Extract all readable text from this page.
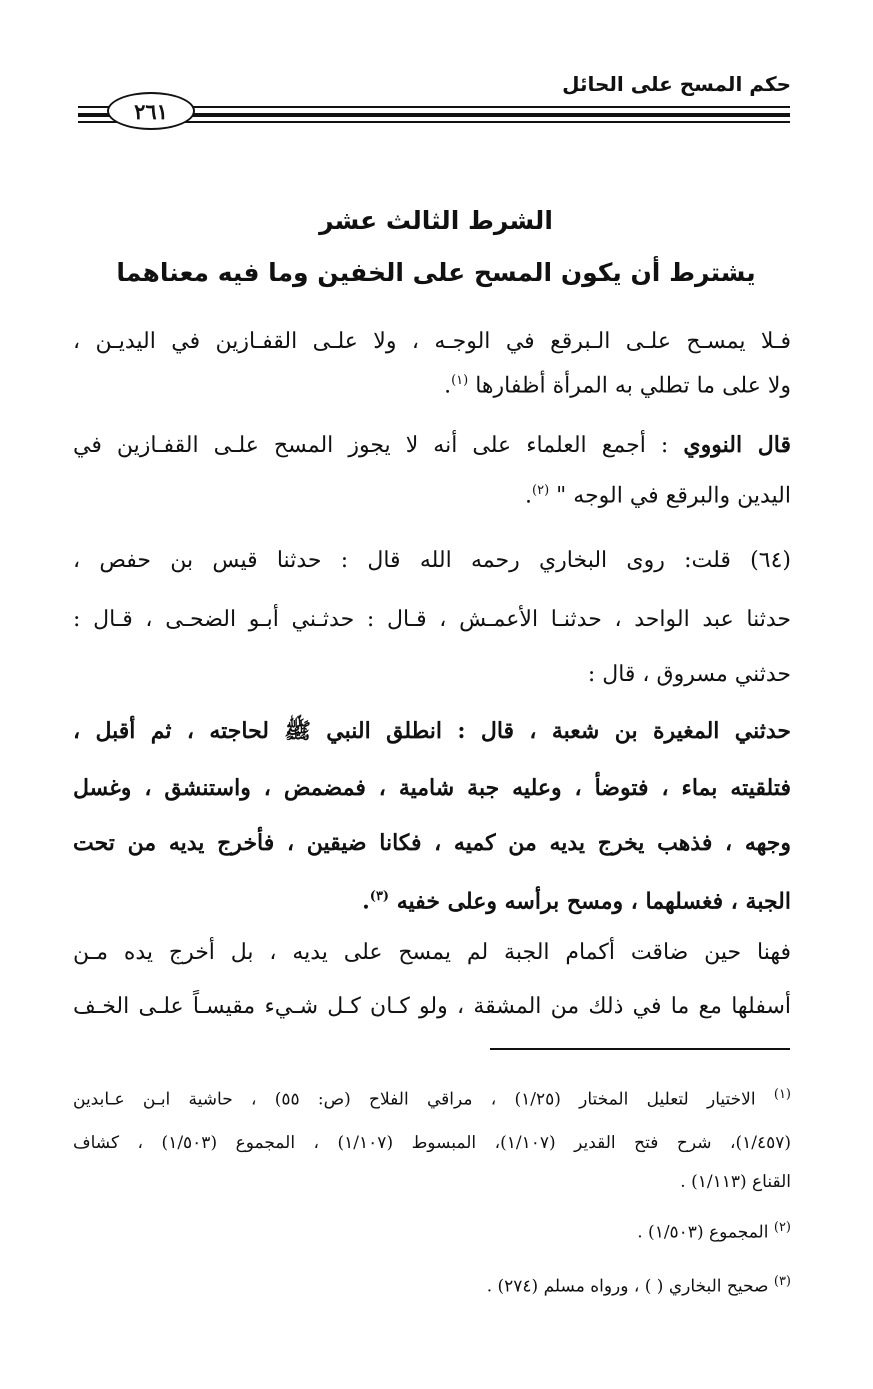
حكم المسح على الحائل
٢٦١
الشرط الثالث عشر
يشترط أن يكون المسح على الخفين وما فيه معناهما
فـلا يمسـح علـى الـبرقع في الوجـه ، ولا علـى القفـازين في اليديـن ،
ولا على ما تطلي به المرأة أظفارها $^{(١)}$.
قال النووي : أجمع العلماء على أنه لا يجوز المسح علـى القفـازين في
اليدين والبرقع في الوجه " $^{(٢)}$.
(٦٤) قلت: روى البخاري رحمه الله قال : حدثنا قيس بن حفص ،
حدثنا عبد الواحد ، حدثنـا الأعمـش ، قـال : حدثـني أبـو الضحـى ، قـال :
حدثني مسروق ، قال :
حدثني المغيرة بن شعبة ، قال : انطلق النبي ﷺ لحاجته ، ثم أقبل ،
فتلقيته بماء ، فتوضأ ، وعليه جبة شامية ، فمضمض ، واستنشق ، وغسل
وجهه ، فذهب يخرج يديه من كميه ، فكانا ضيقين ، فأخرج يديه من تحت
الجبة ، فغسلهما ، ومسح برأسه وعلى خفيه $^{(٣)}$.
فهنا حين ضاقت أكمام الجبة لم يمسح على يديه ، بل أخرج يده مـن
أسفلها مع ما في ذلك من المشقة ، ولو كـان كـل شـيء مقيسـاً علـى الخـف
$^{(١)}$ الاختيار لتعليل المختار (١/٢٥) ، مراقي الفلاح (ص: ٥٥) ، حاشية ابـن عـابدين
(١/٤٥٧)، شرح فتح القدير (١/١٠٧)، المبسوط (١/١٠٧) ، المجموع (١/٥٠٣) ، كشاف
القناع (١/١١٣) .
$^{(٢)}$ المجموع (١/٥٠٣) .
$^{(٣)}$ صحيح البخاري ( ) ، ورواه مسلم (٢٧٤) .
